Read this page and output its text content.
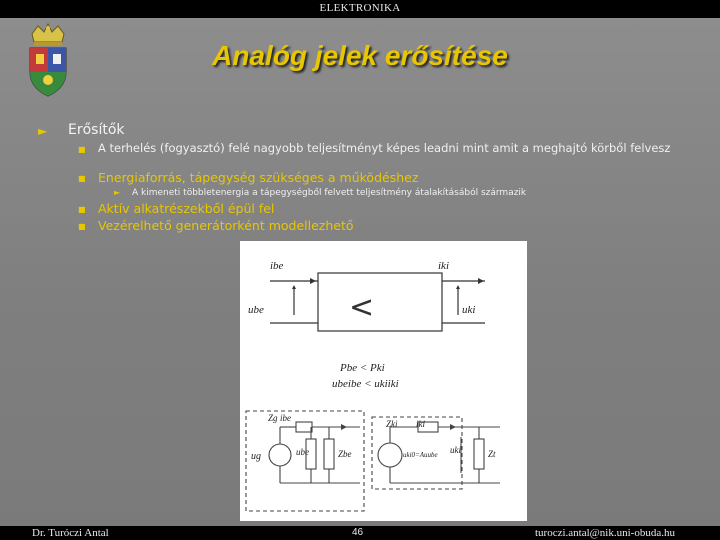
ELEKTRONIKA
Analóg jelek erősítése
► Erősítők
■ A terhelés (fogyasztó) felé nagyobb teljesítményt képes leadni mint amit a meghajtó körből felvesz
■ Energiaforrás, tápegység szükséges a működéshez
► A kimeneti többletenergia a tápegységből felvett teljesítmény átalakításából származik
■ Aktív alkatrészekből épül fel
■ Vezérelhető generátorként modellezhető
ibe	iki
ube	uki
<
Pbe < Pki
ubeibe < ukiiki
Zg ibe
ug	ube	Zbe
Zki iki
uki0=Auube uki	Zt
Dr. Turóczi Antal	46	turoczi.antal@nik.uni-obuda.hu
